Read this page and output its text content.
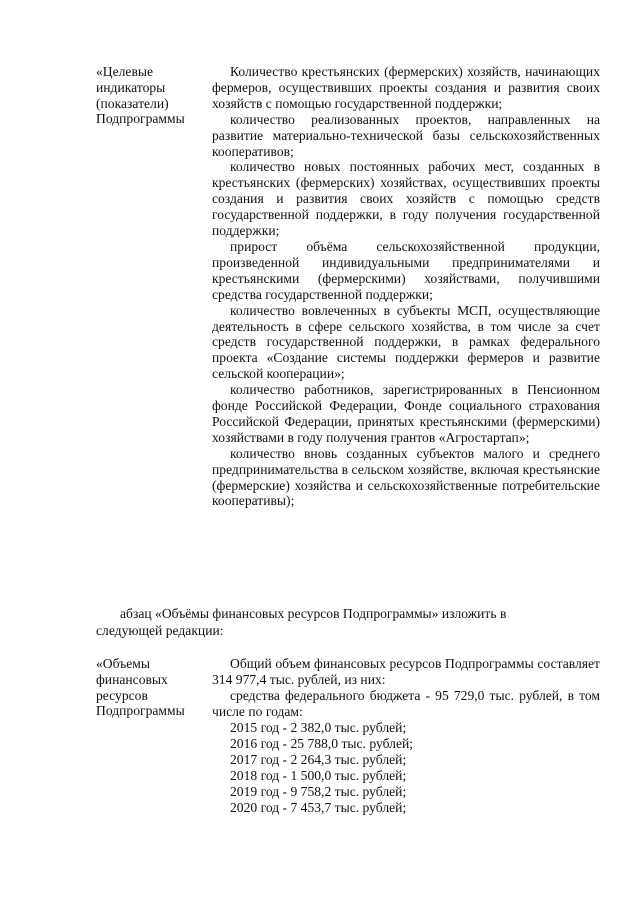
«Целевые
индикаторы
(показатели)
Подпрограммы

Количество крестьянских (фермерских) хозяйств, начинающих фермеров, осуществивших проекты создания и развития своих хозяйств с помощью государственной поддержки;

количество реализованных проектов, направленных на развитие материально-технической базы сельскохозяйственных кооперативов;

количество новых постоянных рабочих мест, созданных в крестьянских (фермерских) хозяйствах, осуществивших проекты создания и развития своих хозяйств с помощью средств государственной поддержки, в году получения государственной поддержки;

прирост объёма сельскохозяйственной продукции, произведенной индивидуальными предпринимателями и крестьянскими (фермерскими) хозяйствами, получившими средства государственной поддержки;

количество вовлеченных в субъекты МСП, осуществляющие деятельность в сфере сельского хозяйства, в том числе за счет средств государственной поддержки, в рамках федерального проекта «Создание системы поддержки фермеров и развитие сельской кооперации»;

количество работников, зарегистрированных в Пенсионном фонде Российской Федерации, Фонде социального страхования Российской Федерации, принятых крестьянскими (фермерскими) хозяйствами в году получения грантов «Агростартап»;

количество вновь созданных субъектов малого и среднего предпринимательства в сельском хозяйстве, включая крестьянские (фермерские) хозяйства и сельскохозяйственные потребительские кооперативы);

абзац «Объёмы финансовых ресурсов Подпрограммы» изложить в
следующей редакции:
«Объемы
финансовых
ресурсов
Подпрограммы

Общий объем финансовых ресурсов Подпрограммы составляет 314 977,4 тыс. рублей, из них:

средства федерального бюджета - 95 729,0 тыс. рублей, в том числе по годам:

2015 год - 2 382,0 тыс. рублей;

2016 год - 25 788,0 тыс. рублей;

2017 год - 2 264,3 тыс. рублей;

2018 год - 1 500,0 тыс. рублей;

2019 год - 9 758,2 тыс. рублей;

2020 год - 7 453,7 тыс. рублей;
